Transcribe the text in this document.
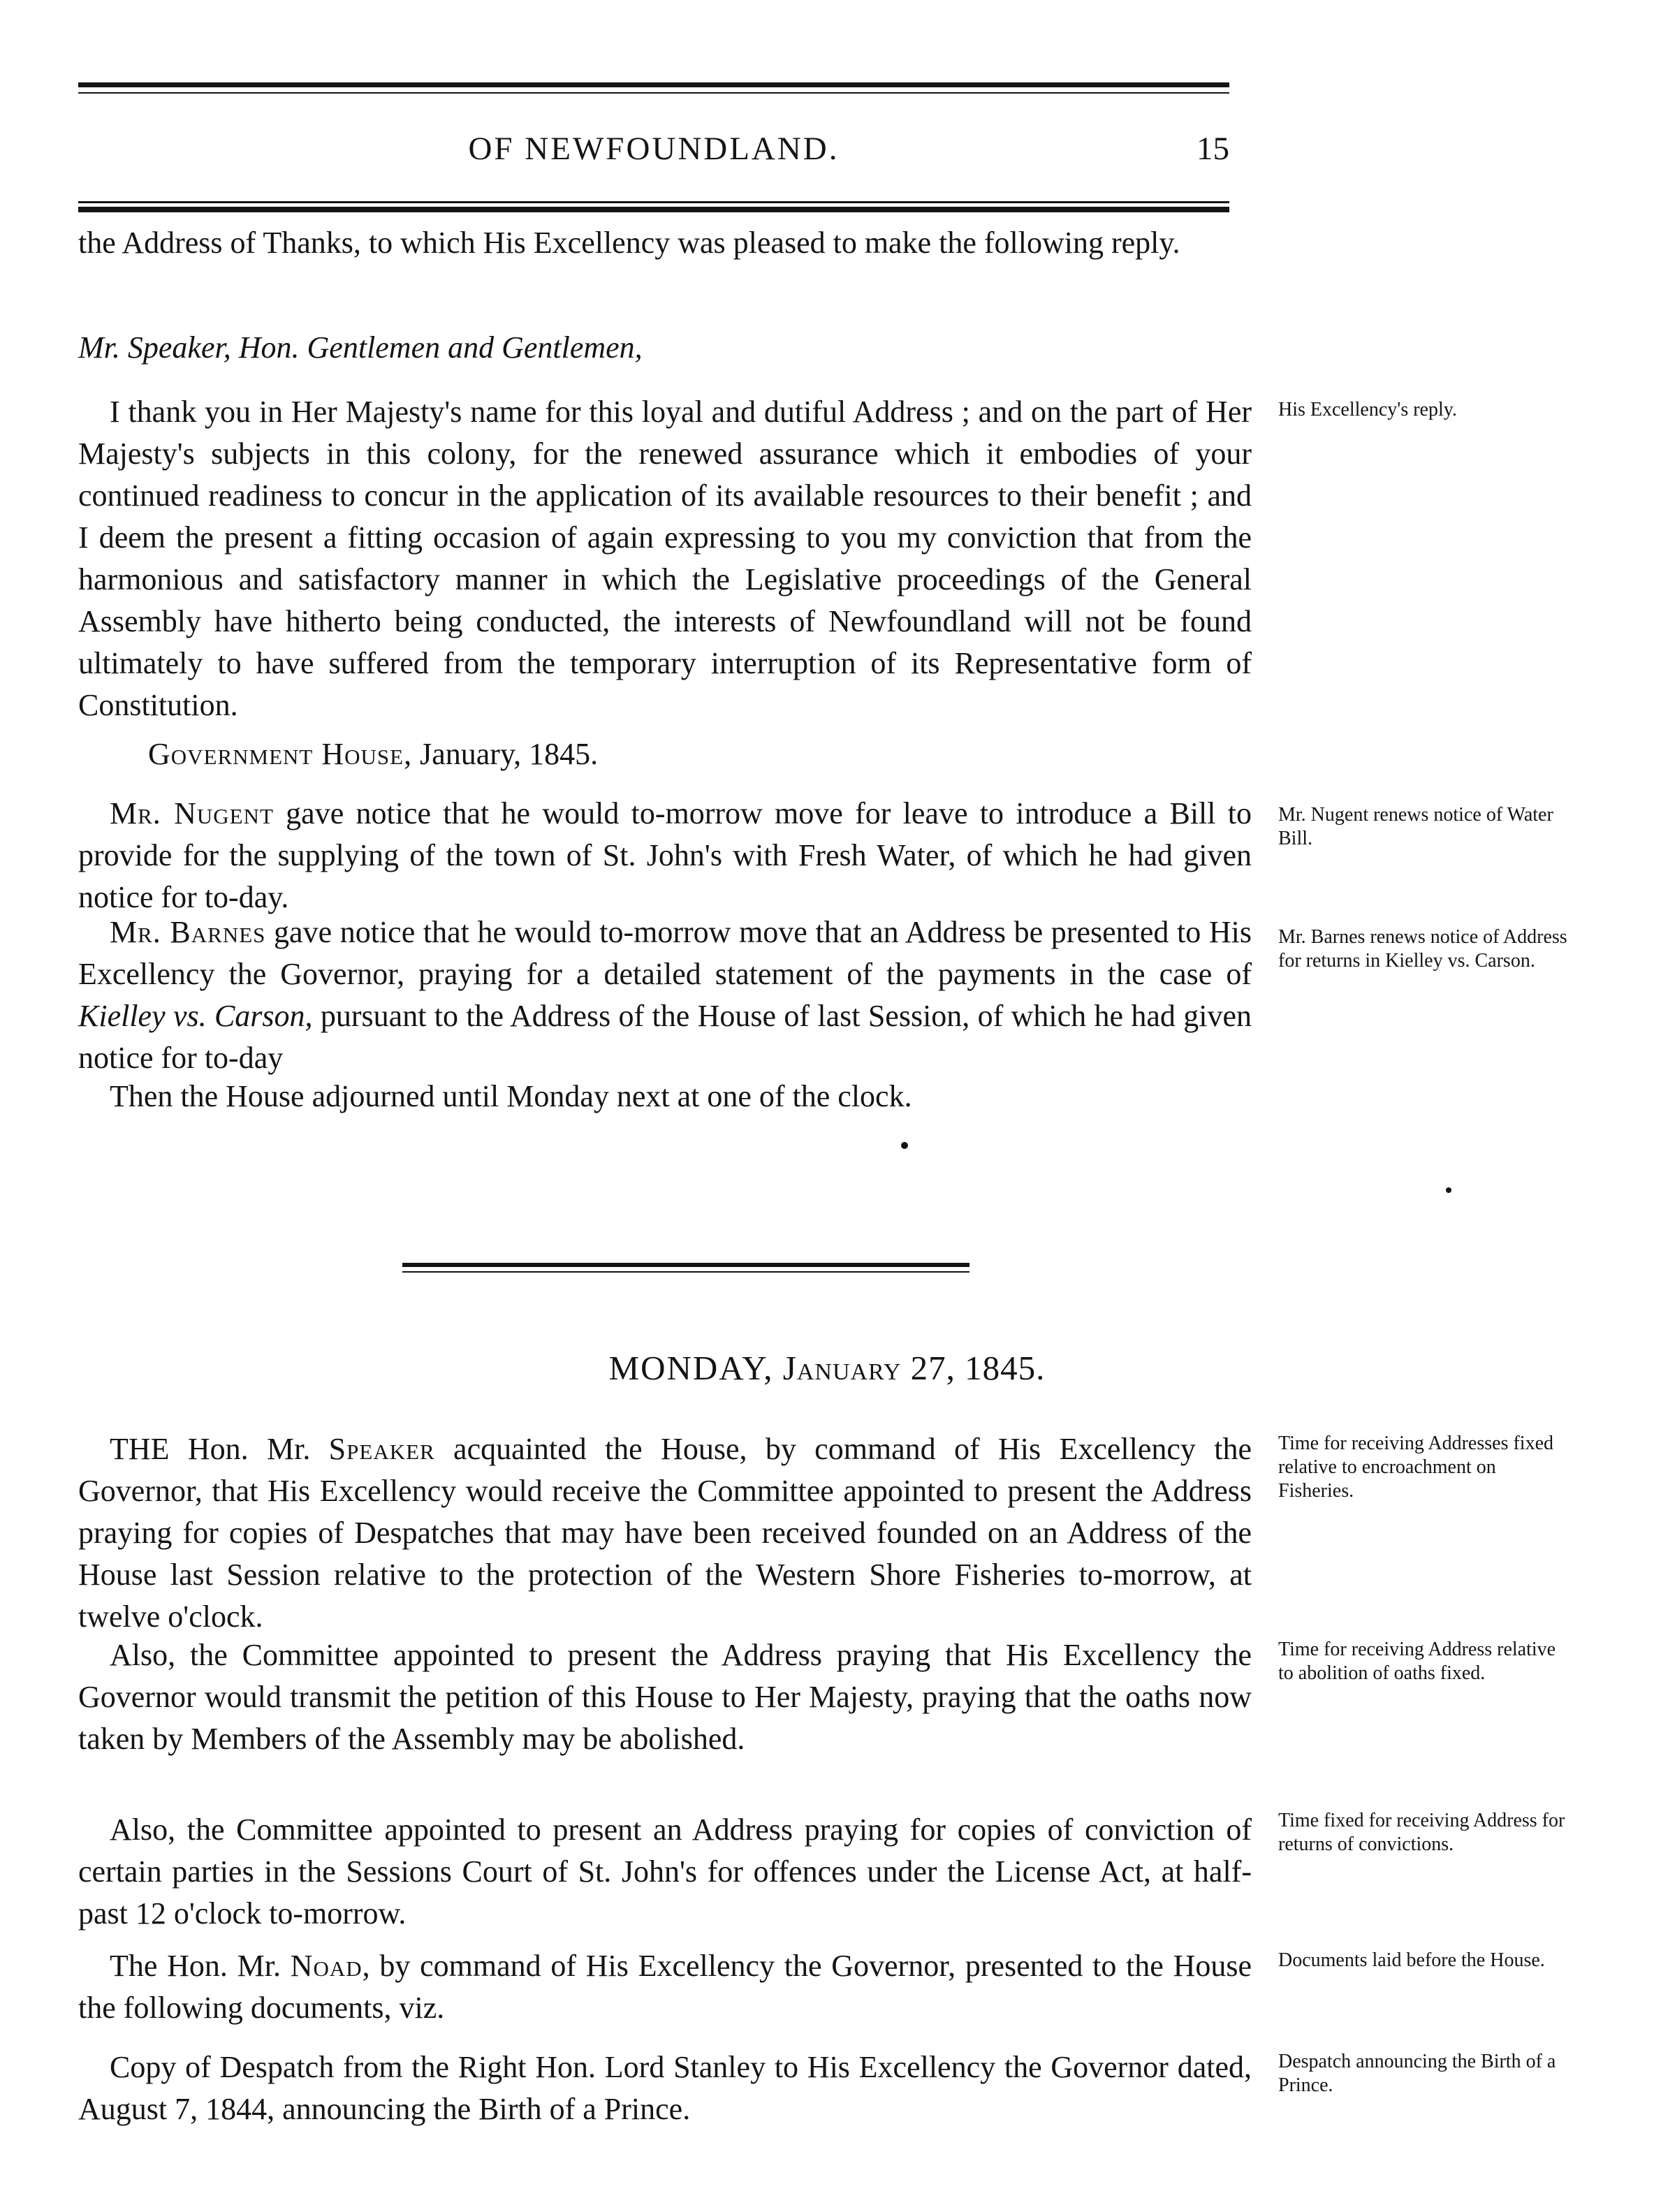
OF NEWFOUNDLAND.	15

the Address of Thanks, to which His Excellency was pleased to make the following reply.

Mr. Speaker, Hon. Gentlemen and Gentlemen,

I thank you in Her Majesty's name for this loyal and dutiful Address ; and on the part of Her Majesty's subjects in this colony, for the renewed assurance which it embodies of your continued readiness to concur in the application of its available resources to their benefit ; and I deem the present a fitting occasion of again expressing to you my conviction that from the harmonious and satisfactory manner in which the Legislative proceedings of the General Assembly have hitherto being conducted, the interests of Newfoundland will not be found ultimately to have suffered from the temporary interruption of its Representative form of Constitution.

His Excellency's reply.

Government House, January, 1845.

Mr. Nugent gave notice that he would to-morrow move for leave to introduce a Bill to provide for the supplying of the town of St. John's with Fresh Water, of which he had given notice for to-day.

Mr. Nugent renews notice of Water Bill.

Mr. Barnes gave notice that he would to-morrow move that an Address be presented to His Excellency the Governor, praying for a detailed statement of the payments in the case of Kielley vs. Carson, pursuant to the Address of the House of last Session, of which he had given notice for to-day

Mr. Barnes renews notice of Address for returns in Kielley vs. Carson.

Then the House adjourned until Monday next at one of the clock.

MONDAY, January 27, 1845.

THE Hon. Mr. Speaker acquainted the House, by command of His Excellency the Governor, that His Excellency would receive the Committee appointed to present the Address praying for copies of Despatches that may have been received founded on an Address of the House last Session relative to the protection of the Western Shore Fisheries to-morrow, at twelve o'clock.

Time for receiving Addresses fixed relative to encroachment on Fisheries.

Also, the Committee appointed to present the Address praying that His Excellency the Governor would transmit the petition of this House to Her Majesty, praying that the oaths now taken by Members of the Assembly may be abolished.

Time for receiving Address relative to abolition of oaths fixed.

Also, the Committee appointed to present an Address praying for copies of conviction of certain parties in the Sessions Court of St. John's for offences under the License Act, at half-past 12 o'clock to-morrow.

Time fixed for receiving Address for returns of convictions.

The Hon. Mr. Noad, by command of His Excellency the Governor, presented to the House the following documents, viz.

Documents laid before the House.

Copy of Despatch from the Right Hon. Lord Stanley to His Excellency the Governor dated, August 7, 1844, announcing the Birth of a Prince.

Despatch announcing the Birth of a Prince.
